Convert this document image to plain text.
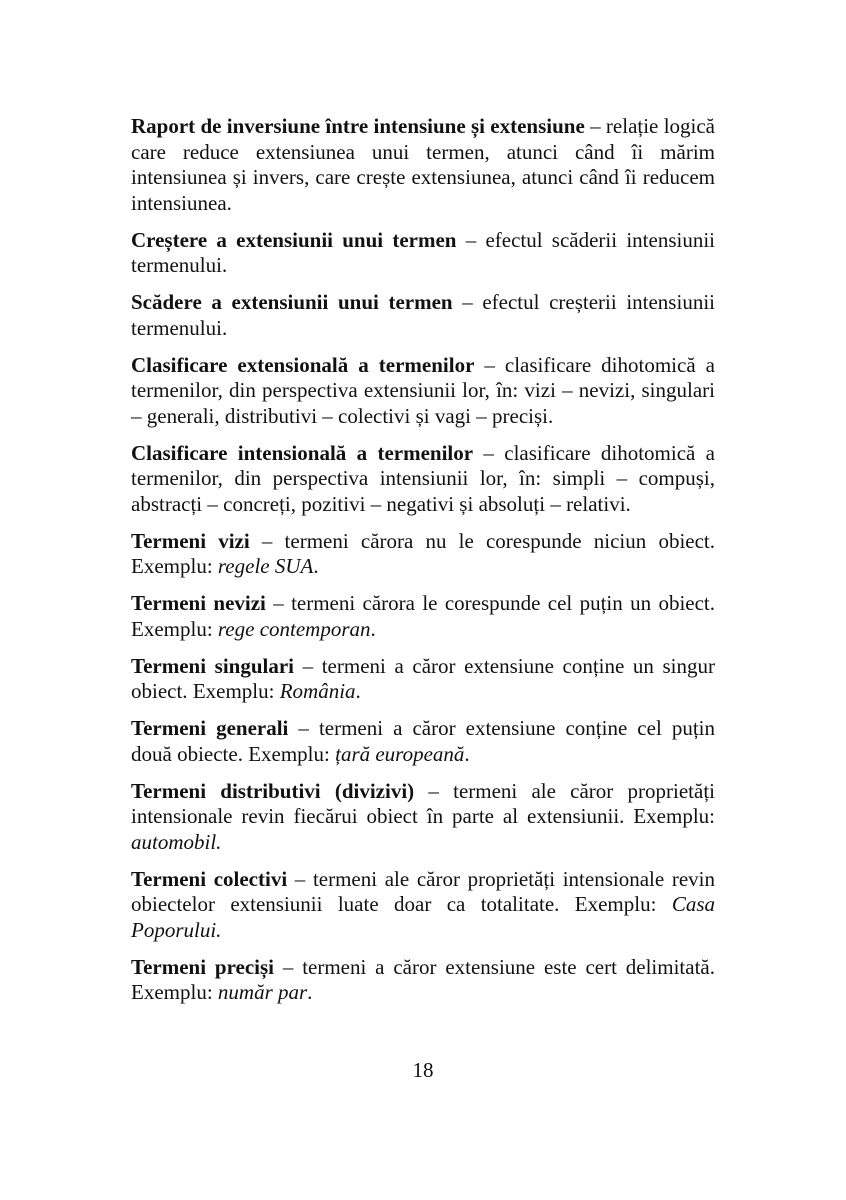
Raport de inversiune între intensiune și extensiune – relație logică care reduce extensiunea unui termen, atunci când îi mărim intensiunea și invers, care crește extensiunea, atunci când îi reducem intensiunea.

Creștere a extensiunii unui termen – efectul scăderii intensiunii termenului.

Scădere a extensiunii unui termen – efectul creșterii intensiunii termenului.

Clasificare extensională a termenilor – clasificare dihotomică a termenilor, din perspectiva extensiunii lor, în: vizi – nevizi, singulari – generali, distributivi – colectivi și vagi – preciși.

Clasificare intensională a termenilor – clasificare dihotomică a termenilor, din perspectiva intensiunii lor, în: simpli – compuși, abstracți – concreți, pozitivi – negativi și absoluți – relativi.

Termeni vizi – termeni cărora nu le corespunde niciun obiect. Exemplu: regele SUA.

Termeni nevizi – termeni cărora le corespunde cel puțin un obiect. Exemplu: rege contemporan.

Termeni singulari – termeni a căror extensiune conține un singur obiect. Exemplu: România.

Termeni generali – termeni a căror extensiune conține cel puțin două obiecte. Exemplu: țară europeană.

Termeni distributivi (divizivi) – termeni ale căror proprietăți intensionale revin fiecărui obiect în parte al extensiunii. Exemplu: automobil.

Termeni colectivi – termeni ale căror proprietăți intensionale revin obiectelor extensiunii luate doar ca totalitate. Exemplu: Casa Poporului.

Termeni preciși – termeni a căror extensiune este cert delimitată. Exemplu: număr par.

18
